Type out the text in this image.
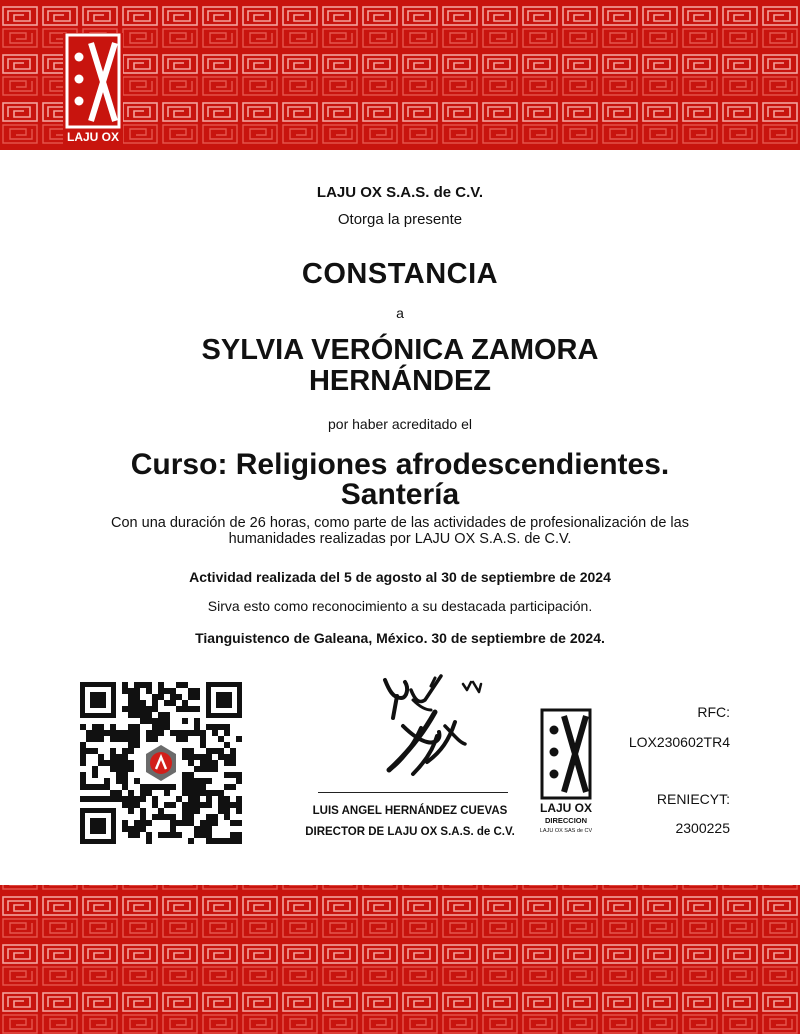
LAJU OX
LAJU OX S.A.S. de C.V.
Otorga la presente
CONSTANCIA
a
SYLVIA VERÓNICA ZAMORA
HERNÁNDEZ
por haber acreditado el
Curso: Religiones afrodescendientes.
Santería
Con una duración de 26 horas, como parte de las actividades de profesionalización de las
humanidades realizadas por LAJU OX S.A.S. de C.V.
Actividad realizada del 5 de agosto al 30 de septiembre de 2024
Sirva esto como reconocimiento a su destacada participación.
Tianguistenco de Galeana, México. 30 de septiembre de 2024.
LUIS ANGEL HERNÁNDEZ CUEVAS
DIRECTOR DE LAJU OX S.A.S. de C.V.
LAJU OX
DIRECCION
LAJU OX SAS de CV
RFC:
LOX230602TR4
RENIECYT:
2300225
